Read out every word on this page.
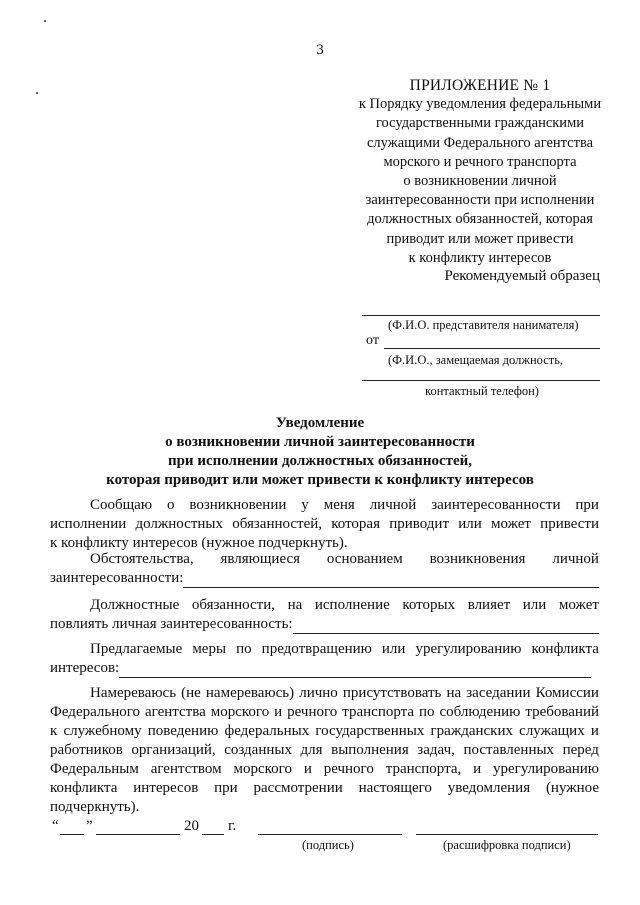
3
ПРИЛОЖЕНИЕ № 1
к Порядку уведомления федеральными
государственными гражданскими
служащими Федерального агентства
морского и речного транспорта
о возникновении личной
заинтересованности при исполнении
должностных обязанностей, которая
приводит или может привести
к конфликту интересов
Рекомендуемый образец
(Ф.И.О. представителя нанимателя)
от
(Ф.И.О., замещаемая должность,
контактный телефон)
Уведомление
о возникновении личной заинтересованности
при исполнении должностных обязанностей,
которая приводит или может привести к конфликту интересов
Сообщаю о возникновении у меня личной заинтересованности при
исполнении должностных обязанностей, которая приводит или может привести
к конфликту интересов (нужное подчеркнуть).
Обстоятельства, являющиеся основанием возникновения личной
заинтересованности:
Должностные обязанности, на исполнение которых влияет или может
повлиять личная заинтересованность:
Предлагаемые меры по предотвращению или урегулированию конфликта
интересов:
Намереваюсь (не намереваюсь) лично присутствовать на заседании Комиссии
Федерального агентства морского и речного транспорта по соблюдению требований
к служебному поведению федеральных государственных гражданских служащих и
работников организаций, созданных для выполнения задач, поставленных перед
Федеральным агентством морского и речного транспорта, и урегулированию
конфликта интересов при рассмотрении настоящего уведомления (нужное
подчеркнуть).
“ ”	20 г.
(подпись)	(расшифровка подписи)
